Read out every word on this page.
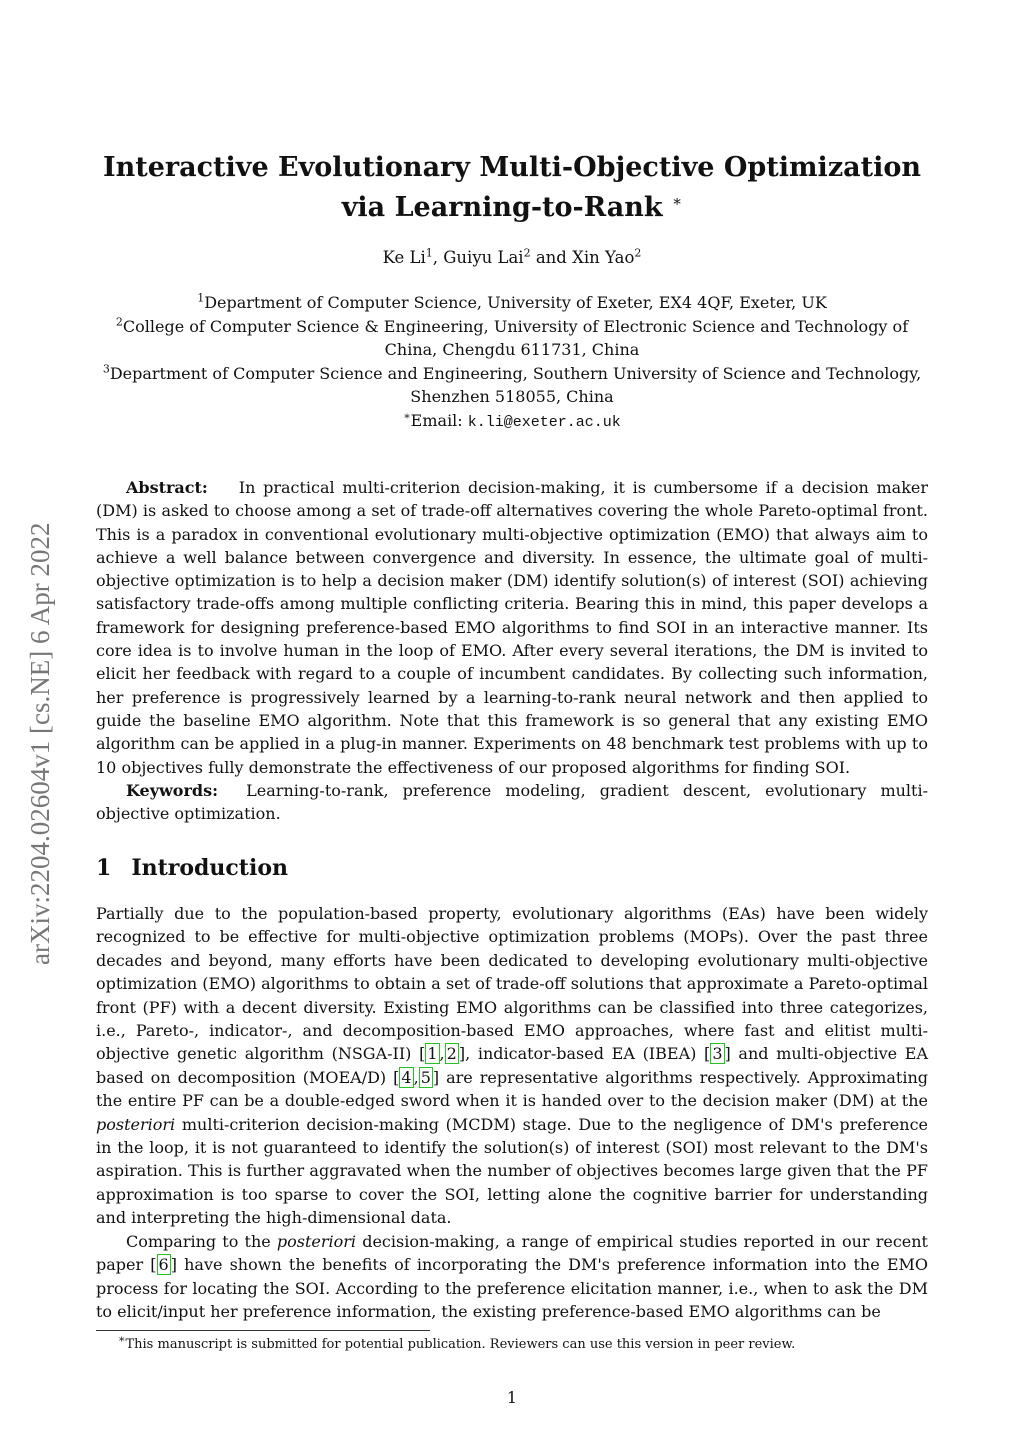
arXiv:2204.02604v1 [cs.NE] 6 Apr 2022
Interactive Evolutionary Multi-Objective Optimization
via Learning-to-Rank ∗
Ke Li$^1$, Guiyu Lai$^2$ and Xin Yao$^2$
$^1$Department of Computer Science, University of Exeter, EX4 4QF, Exeter, UK
$^2$College of Computer Science & Engineering, University of Electronic Science and Technology of China, Chengdu 611731, China
$^3$Department of Computer Science and Engineering, Southern University of Science and Technology, Shenzhen 518055, China
∗Email: k.li@exeter.ac.uk

Abstract: In practical multi-criterion decision-making, it is cumbersome if a decision maker (DM) is asked to choose among a set of trade-off alternatives covering the whole Pareto-optimal front. This is a paradox in conventional evolutionary multi-objective optimization (EMO) that always aim to achieve a well balance between convergence and diversity. In essence, the ultimate goal of multi-objective optimization is to help a decision maker (DM) identify solution(s) of interest (SOI) achieving satisfactory trade-offs among multiple conflicting criteria. Bearing this in mind, this paper develops a framework for designing preference-based EMO algorithms to find SOI in an interactive manner. Its core idea is to involve human in the loop of EMO. After every several iterations, the DM is invited to elicit her feedback with regard to a couple of incumbent candidates. By collecting such information, her preference is progressively learned by a learning-to-rank neural network and then applied to guide the baseline EMO algorithm. Note that this framework is so general that any existing EMO algorithm can be applied in a plug-in manner. Experiments on 48 benchmark test problems with up to 10 objectives fully demonstrate the effectiveness of our proposed algorithms for finding SOI.

Keywords: Learning-to-rank, preference modeling, gradient descent, evolutionary multi-objective optimization.

1 Introduction

Partially due to the population-based property, evolutionary algorithms (EAs) have been widely recognized to be effective for multi-objective optimization problems (MOPs). Over the past three decades and beyond, many efforts have been dedicated to developing evolutionary multi-objective optimization (EMO) algorithms to obtain a set of trade-off solutions that approximate a Pareto-optimal front (PF) with a decent diversity. Existing EMO algorithms can be classified into three categorizes, i.e., Pareto-, indicator-, and decomposition-based EMO approaches, where fast and elitist multi-objective genetic algorithm (NSGA-II) [ 1 , 2 ], indicator-based EA (IBEA) [ 3 ] and multi-objective EA based on decomposition (MOEA/D) [ 4 , 5 ] are representative algorithms respectively. Approximating the entire PF can be a double-edged sword when it is handed over to the decision maker (DM) at the posteriori multi-criterion decision-making (MCDM) stage. Due to the negligence of DM's preference in the loop, it is not guaranteed to identify the solution(s) of interest (SOI) most relevant to the DM's aspiration. This is further aggravated when the number of objectives becomes large given that the PF approximation is too sparse to cover the SOI, letting alone the cognitive barrier for understanding and interpreting the high-dimensional data.

Comparing to the posteriori decision-making, a range of empirical studies reported in our recent paper [ 6 ] have shown the benefits of incorporating the DM's preference information into the EMO process for locating the SOI. According to the preference elicitation manner, i.e., when to ask the DM to elicit/input her preference information, the existing preference-based EMO algorithms can be

∗This manuscript is submitted for potential publication. Reviewers can use this version in peer review.
1
